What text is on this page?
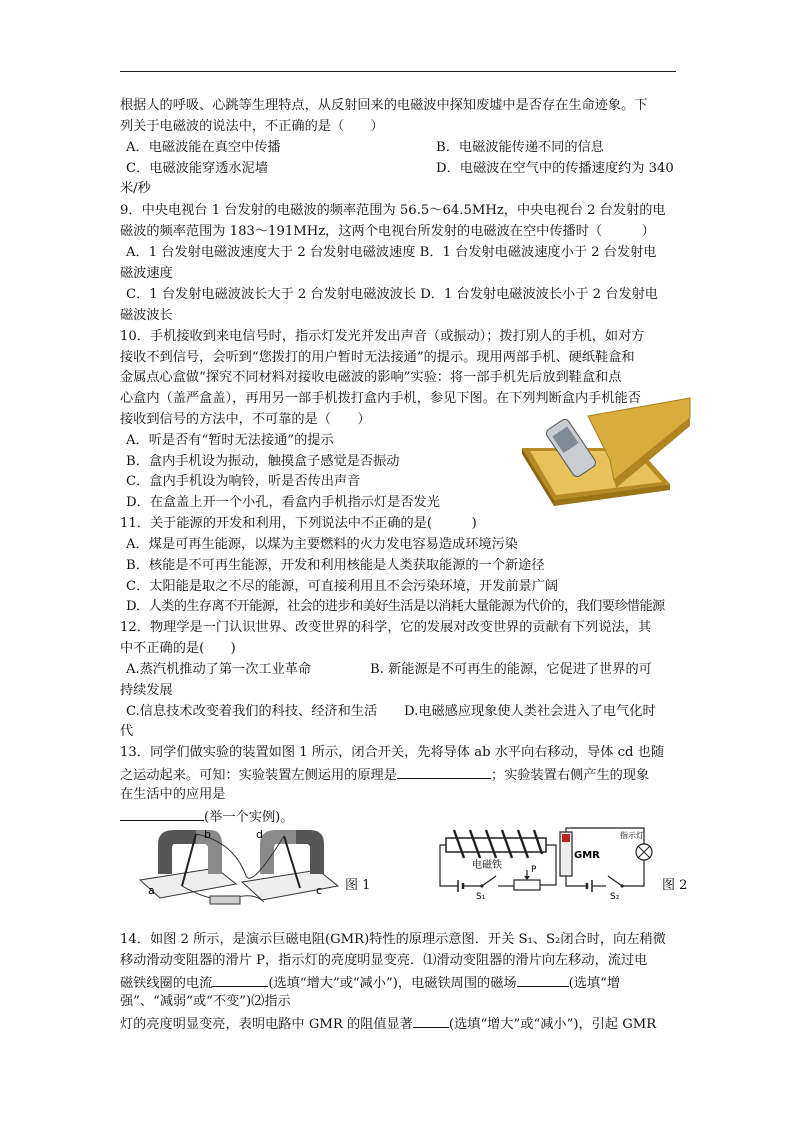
根据人的呼吸、心跳等生理特点，从反射回来的电磁波中探知废墟中是否存在生命迹象。下
列关于电磁波的说法中，不正确的是（　　）
A．电磁波能在真空中传播	B．电磁波能传递不同的信息
C．电磁波能穿透水泥墙	D．电磁波在空气中的传播速度约为 340
米/秒
9．中央电视台 1 台发射的电磁波的频率范围为 56.5～64.5MHz，中央电视台 2 台发射的电
磁波的频率范围为 183～191MHz，这两个电视台所发射的电磁波在空中传播时（　　　）
A．1 台发射电磁波速度大于 2 台发射电磁波速度 B．1 台发射电磁波速度小于 2 台发射电
磁波速度
C．1 台发射电磁波波长大于 2 台发射电磁波波长 D．1 台发射电磁波波长小于 2 台发射电
磁波波长
10．手机接收到来电信号时，指示灯发光并发出声音（或振动）；拨打别人的手机，如对方
接收不到信号，会听到“您拨打的用户暂时无法接通”的提示。现用两部手机、硬纸鞋盒和
金属点心盒做“探究不同材料对接收电磁波的影响”实验：将一部手机先后放到鞋盒和点
心盒内（盖严盒盖），再用另一部手机拨打盒内手机，参见下图。在下列判断盒内手机能否
接收到信号的方法中，不可靠的是（　　）
A．听是否有“暂时无法接通”的提示
B．盒内手机设为振动，触摸盒子感觉是否振动
C．盒内手机设为响铃，听是否传出声音
D．在盒盖上开一个小孔，看盒内手机指示灯是否发光
11．关于能源的开发和利用，下列说法中不正确的是(　　　)
A．煤是可再生能源，以煤为主要燃料的火力发电容易造成环境污染
B．核能是不可再生能源，开发和利用核能是人类获取能源的一个新途径
C．太阳能是取之不尽的能源，可直接利用且不会污染环境，开发前景广阔
D．人类的生存离不开能源，社会的进步和美好生活是以消耗大量能源为代价的，我们要珍惜能源
12．物理学是一门认识世界、改变世界的科学，它的发展对改变世界的贡献有下列说法，其
中不正确的是(　　)
A.蒸汽机推动了第一次工业革命	B. 新能源是不可再生的能源，它促进了世界的可
持续发展
C.信息技术改变着我们的科技、经济和生活 D.电磁感应现象使人类社会进入了电气化时
代
13．同学们做实验的装置如图 1 所示，闭合开关，先将导体 ab 水平向右移动，导体 cd 也随
之运动起来。可知：实验装置左侧运用的原理是	；实验装置右侧产生的现象
在生活中的应用是
(举一个实例)。
b	d
a	c 图 1
电磁铁	P
S₁
GMR
指示灯
S₂
图 2
14．如图 2 所示，是演示巨磁电阻(GMR)特性的原理示意图．开关 S₁、S₂闭合时，向左稍微
移动滑动变阻器的滑片 P，指示灯的亮度明显变亮．⑴滑动变阻器的滑片向左移动，流过电
磁铁线圈的电流	(选填“增大”或“减小”)，电磁铁周围的磁场	(选填“增
强”、“减弱”或“不变”)⑵指示
灯的亮度明显变亮，表明电路中 GMR 的阻值显著	(选填“增大”或“减小”)，引起 GMR
